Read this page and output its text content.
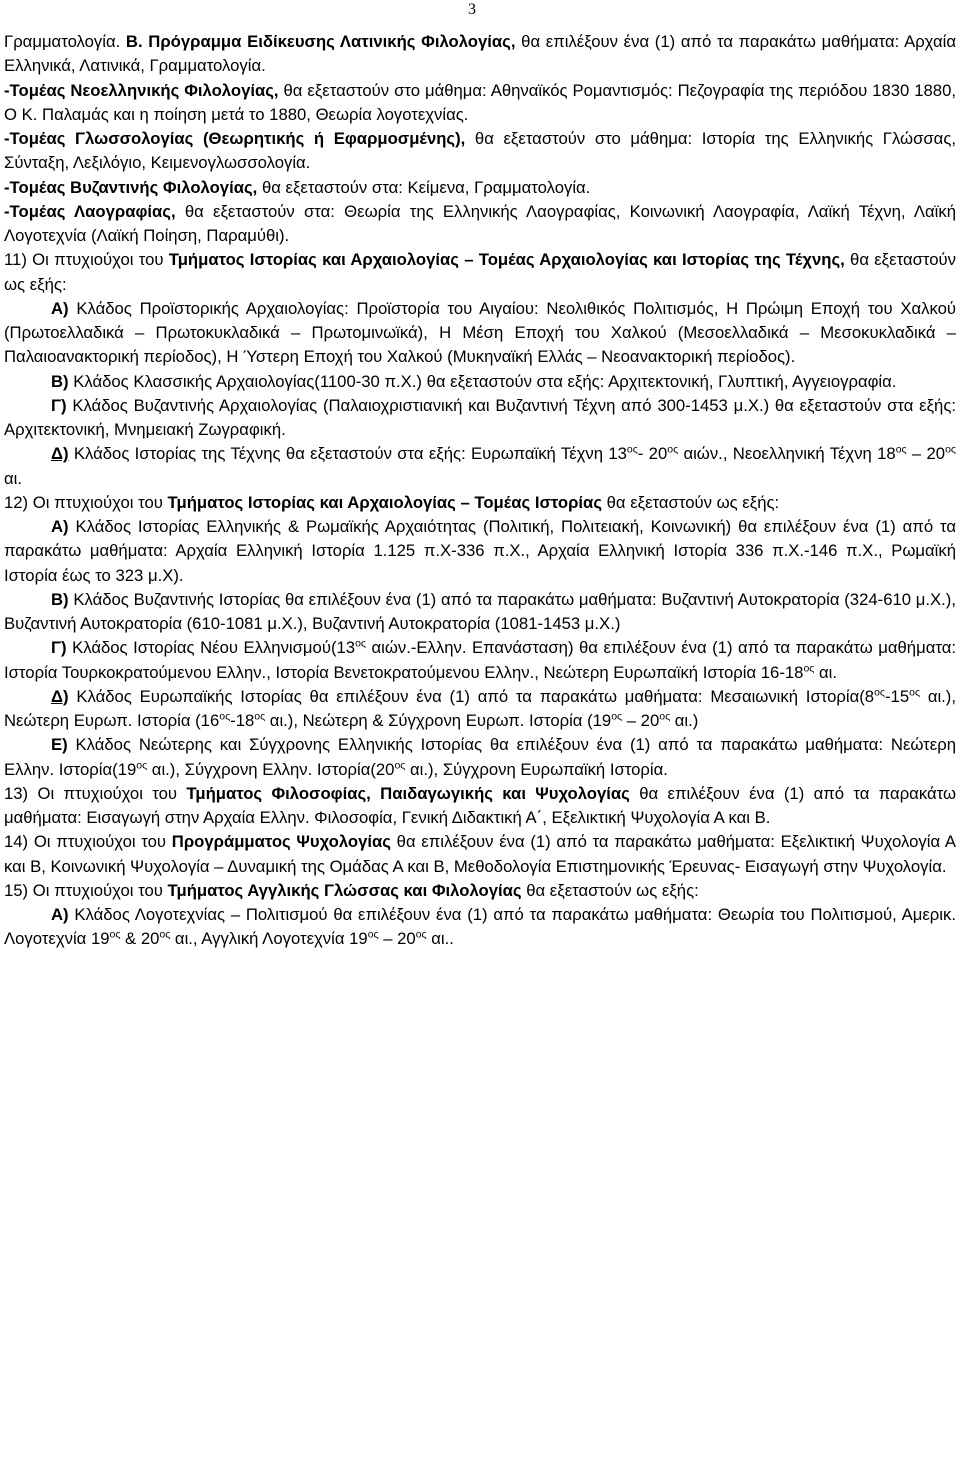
3

Γραμματολογία. Β. Πρόγραμμα Ειδίκευσης Λατινικής Φιλολογίας, θα επιλέξουν ένα (1) από τα παρακάτω μαθήματα: Αρχαία Ελληνικά, Λατινικά, Γραμματολογία.

-Τομέας Νεοελληνικής Φιλολογίας, θα εξεταστούν στο μάθημα: Αθηναϊκός Ρομαντισμός: Πεζογραφία της περιόδου 1830 1880, Ο Κ. Παλαμάς και η ποίηση μετά το 1880, Θεωρία λογοτεχνίας.

-Τομέας Γλωσσολογίας (Θεωρητικής ή Εφαρμοσμένης), θα εξεταστούν στο μάθημα: Ιστορία της Ελληνικής Γλώσσας, Σύνταξη, Λεξιλόγιο, Κειμενογλωσσολογία.

-Τομέας Βυζαντινής Φιλολογίας, θα εξεταστούν στα: Κείμενα, Γραμματολογία.

-Τομέας Λαογραφίας, θα εξεταστούν στα: Θεωρία της Ελληνικής Λαογραφίας, Κοινωνική Λαογραφία, Λαϊκή Τέχνη, Λαϊκή Λογοτεχνία (Λαϊκή Ποίηση, Παραμύθι).

11) Οι πτυχιούχοι του Τμήματος Ιστορίας και Αρχαιολογίας – Τομέας Αρχαιολογίας και Ιστορίας της Τέχνης, θα εξεταστούν ως εξής:

Α) Κλάδος Προϊστορικής Αρχαιολογίας: Προϊστορία του Αιγαίου: Νεολιθικός Πολιτισμός, Η Πρώιμη Εποχή του Χαλκού (Πρωτοελλαδικά – Πρωτοκυκλαδικά – Πρωτομινωϊκά), Η Μέση Εποχή του Χαλκού (Μεσοελλαδικά – Μεσοκυκλαδικά – Παλαιοανακτορική περίοδος), Η Ύστερη Εποχή του Χαλκού (Μυκηναϊκή Ελλάς – Νεοανακτορική περίοδος).

Β) Κλάδος Κλασσικής Αρχαιολογίας(1100-30 π.Χ.) θα εξεταστούν στα εξής: Αρχιτεκτονική, Γλυπτική, Αγγειογραφία.

Γ) Κλάδος Βυζαντινής Αρχαιολογίας (Παλαιοχριστιανική και Βυζαντινή Τέχνη από 300-1453 μ.Χ.) θα εξεταστούν στα εξής: Αρχιτεκτονική, Μνημειακή Ζωγραφική.

Δ) Κλάδος Ιστορίας της Τέχνης θα εξεταστούν στα εξής: Ευρωπαϊκή Τέχνη $13^{o\varsigma}-$ $20^{o\varsigma}$ αιών., Νεοελληνική Τέχνη $18^{o\varsigma} - 20^{o\varsigma}$ αι.

12) Οι πτυχιούχοι του Τμήματος Ιστορίας και Αρχαιολογίας – Τομέας Ιστορίας θα εξεταστούν ως εξής:

Α) Κλάδος Ιστορίας Ελληνικής & Ρωμαϊκής Αρχαιότητας (Πολιτική, Πολιτειακή, Κοινωνική) θα επιλέξουν ένα (1) από τα παρακάτω μαθήματα: Αρχαία Ελληνική Ιστορία 1.125 π.Χ-336 π.Χ., Αρχαία Ελληνική Ιστορία 336 π.Χ.-146 π.Χ., Ρωμαϊκή Ιστορία έως το 323 μ.Χ).

Β) Κλάδος Βυζαντινής Ιστορίας θα επιλέξουν ένα (1) από τα παρακάτω μαθήματα: Βυζαντινή Αυτοκρατορία (324-610 μ.Χ.), Βυζαντινή Αυτοκρατορία (610-1081 μ.Χ.), Βυζαντινή Αυτοκρατορία (1081-1453 μ.Χ.)

Γ) Κλάδος Ιστορίας Νέου $E\lambda\lambda\eta\nu\iota\sigma\mu oύ(13^{o\varsigma}$ αιών.-Ελλην. Επανάσταση) θα επιλέξουν ένα (1) από τα παρακάτω μαθήματα: Ιστορία Τουρκοκρατούμενου Ελλην., Ιστορία Βενετοκρατούμενου Ελλην., Νεώτερη Ευρωπαϊκή Ιστορία $16-18^{o\varsigma}$ αι.

Δ) Κλάδος Ευρωπαϊκής Ιστορίας θα επιλέξουν ένα (1) από τα παρακάτω μαθήματα: Μεσαιωνική $I\sigma\tau o\rho ί\alpha(8^{o\varsigma}-15^{o\varsigma}$ αι.), Νεώτερη Ευρωπ. Ιστορία ($16^{o\varsigma}-18^{o\varsigma}$ αι.), Νεώτερη & Σύγχρονη Ευρωπ. Ιστορία ($19^{o\varsigma} - 20^{o\varsigma}$ αι.)

Ε) Κλάδος Νεώτερης και Σύγχρονης Ελληνικής Ιστορίας θα επιλέξουν ένα (1) από τα παρακάτω μαθήματα: Νεώτερη Ελλην. $I\sigma\tau o\rho ί\alpha(19^{o\varsigma}$ αι.), Σύγχρονη Ελλην. $I\sigma\tau o\rho ί\alpha(20^{o\varsigma}$ αι.), Σύγχρονη Ευρωπαϊκή Ιστορία.

13) Οι πτυχιούχοι του Τμήματος Φιλοσοφίας, Παιδαγωγικής και Ψυχολογίας θα επιλέξουν ένα (1) από τα παρακάτω μαθήματα: Εισαγωγή στην Αρχαία Ελλην. Φιλοσοφία, Γενική Διδακτική Α΄, Εξελικτική Ψυχολογία Α και Β.

14) Οι πτυχιούχοι του Προγράμματος Ψυχολογίας θα επιλέξουν ένα (1) από τα παρακάτω μαθήματα: Εξελικτική Ψυχολογία Α και Β, Κοινωνική Ψυχολογία – Δυναμική της Ομάδας Α και Β, Μεθοδολογία Επιστημονικής Έρευνας- Εισαγωγή στην Ψυχολογία.

15) Οι πτυχιούχοι του Τμήματος Αγγλικής Γλώσσας και Φιλολογίας θα εξεταστούν ως εξής:

Α) Κλάδος Λογοτεχνίας – Πολιτισμού θα επιλέξουν ένα (1) από τα παρακάτω μαθήματα: Θεωρία του Πολιτισμού, Αμερικ. Λογοτεχνία $19^{o\varsigma}$ & $20^{o\varsigma}$ αι., Αγγλική Λογοτεχνία $19^{o\varsigma} - 20^{o\varsigma}$ αι..
